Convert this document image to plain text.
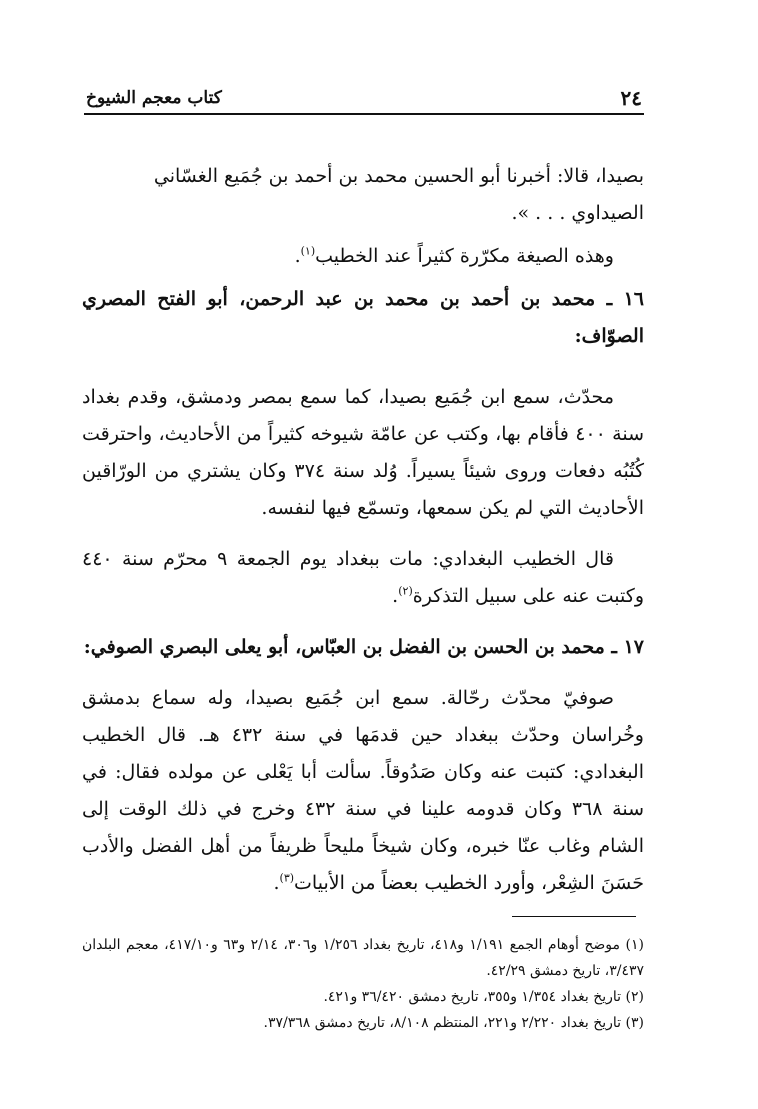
٢٤
كتاب معجم الشيوخ

بصيدا، قالا: أخبرنا أبو الحسين محمد بن أحمد بن جُمَيع الغسّاني

الصيداوي . . . ».

وهذه الصيغة مكرّرة كثيراً عند الخطيب$^{(١)}$.

١٦ ـ محمد بن أحمد بن محمد بن عبد الرحمن، أبو الفتح المصري الصوّاف:

محدّث، سمع ابن جُمَيع بصيدا، كما سمع بمصر ودمشق، وقدم بغداد سنة ٤٠٠ فأقام بها، وكتب عن عامّة شيوخه كثيراً من الأحاديث، واحترقت كُتُبُه دفعات وروى شيئاً يسيراً. وُلد سنة ٣٧٤ وكان يشتري من الورّاقين الأحاديث التي لم يكن سمعها، وتسمّع فيها لنفسه.

قال الخطيب البغدادي: مات ببغداد يوم الجمعة ٩ محرّم سنة ٤٤٠ وكتبت عنه على سبيل التذكرة$^{(٢)}$.

١٧ ـ محمد بن الحسن بن الفضل بن العبّاس، أبو يعلى البصري الصوفي:

صوفيّ محدّث رحّالة. سمع ابن جُمَيع بصيدا، وله سماع بدمشق وخُراسان وحدّث ببغداد حين قدمَها في سنة ٤٣٢ هـ. قال الخطيب البغدادي: كتبت عنه وكان صَدُوقاً. سألت أبا يَعْلى عن مولده فقال: في سنة ٣٦٨ وكان قدومه علينا في سنة ٤٣٢ وخرج في ذلك الوقت إلى الشام وغاب عنّا خبره، وكان شيخاً مليحاً ظريفاً من أهل الفضل والأدب حَسَنَ الشِعْر، وأورد الخطيب بعضاً من الأبيات$^{(٣)}$.

(١) موضح أوهام الجمع ١/١٩١ و٤١٨، تاريخ بغداد ١/٢٥٦ و٣٠٦، ٢/١٤ و٦٣ و٤١٧/١٠، معجم البلدان ٣/٤٣٧، تاريخ دمشق ٤٢/٢٩.

(٢) تاريخ بغداد ١/٣٥٤ و٣٥٥، تاريخ دمشق ٣٦/٤٢٠ و٤٢١.

(٣) تاريخ بغداد ٢/٢٢٠ و٢٢١، المنتظم ٨/١٠٨، تاريخ دمشق ٣٧/٣٦٨.
